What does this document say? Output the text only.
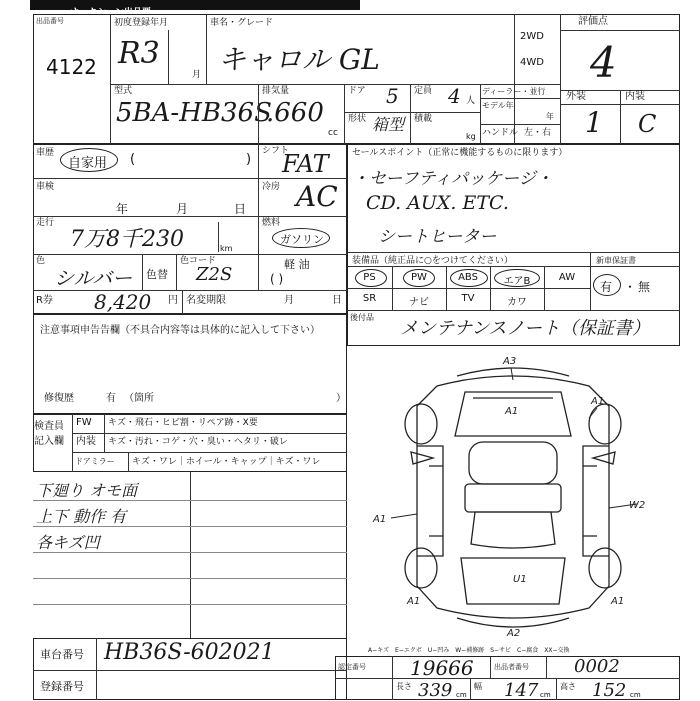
オークション出品票
出品番号
4122
初度登録年月
R3
月
車名・グレード
キャロル GL
2WD
4WD
評価点
4
外装	内装
1 C
型式
5BA-HB36S
排気量
.660
cc
ドア 5 定員 4 人
形状 箱型 積載
kg
ディーラー・並行
モデル年
年
ハンドル 左・右
車歴
自家用 (	)
シフト
FAT
車検
年	月	日
冷房 AC
走行
7万8千230	km
燃料
ガソリン
色
シルバー 色替
色コード
Z2S	軽 油
( )
R券 8,420 円 名変期限	月	日
セールスポイント（正常に機能するものに限ります）
・セーフティパッケージ・
CD. AUX. ETC.
シートヒーター
装備品（純正品に○をつけてください）	新車保証書
PS	PW	ABS	エアB	AW
SR	ナビ	TV	カワ
有 ・ 無
後付品
メンテナンスノート（保証書）
注意事項申告告欄（不具合内容等は具体的に記入して下さい）
修復歴	有 （箇所	）
検査員
記入欄
FW キズ・飛石・ヒビ割・リペア跡・X要
内装 キズ・汚れ・コゲ・穴・臭い・ヘタリ・破レ
ドアミラー キズ・ワレ｜ホイール・キャップ｜キズ・ワレ
下廻り オモ面
上下 動作 有
各キズ凹
A3
A1
A1
W2
A1
U1
A1	A1
A2
A−キズ　E−エクボ　U−凹み　W−補修跡　S−サビ　C−腐食　XX−交換
車台番号 HB36S-602021
登録番号
認定番号 19666	出品者番号	0002
長さ 339 cm
幅 147 cm
高さ 152 cm
